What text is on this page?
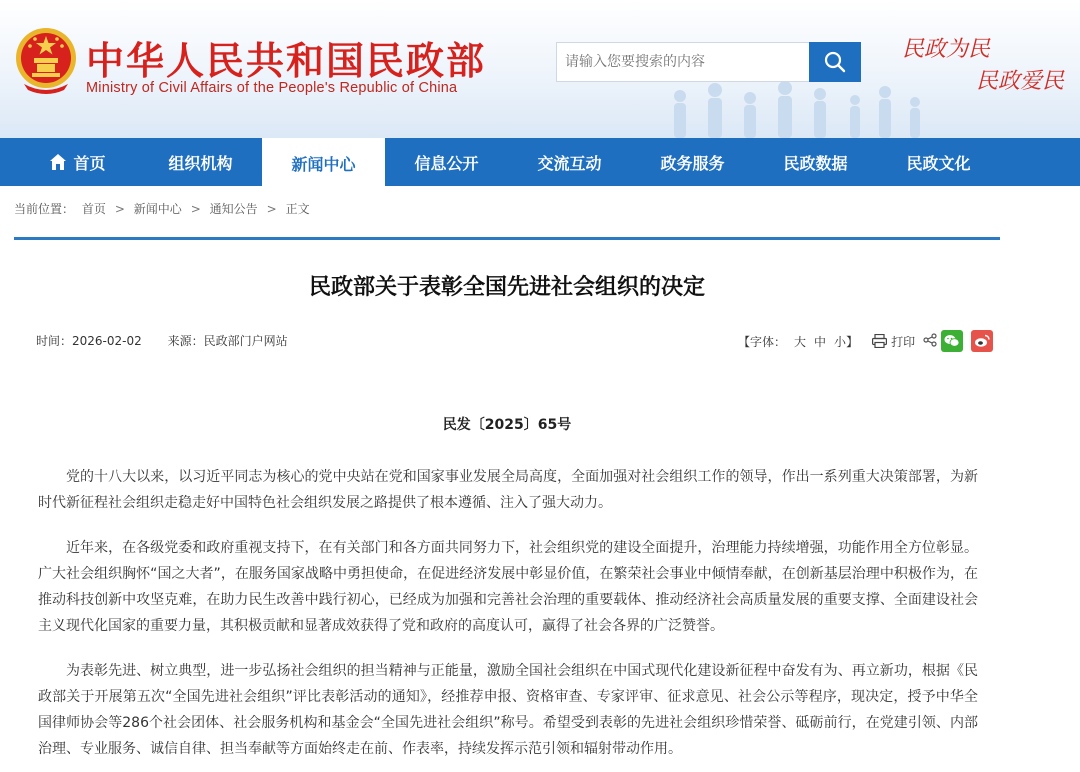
中华人民共和国民政部
Ministry of Civil Affairs of the People's Republic of China
请输入您要搜索的内容
民政为民
民政爱民
首页	组织机构	新闻中心	信息公开	交流互动	政务服务	民政数据	民政文化
当前位置： 首页 > 新闻中心 > 通知公告 > 正文
民政部关于表彰全国先进社会组织的决定
时间：2026-02-02 来源：民政部门户网站	【字体： 大 中 小 】	打印
民发〔2025〕65号

党的十八大以来，以习近平同志为核心的党中央站在党和国家事业发展全局高度，全面加强对社会组织工作的领导，作出一系列重大决策部署，为新时代新征程社会组织走稳走好中国特色社会组织发展之路提供了根本遵循、注入了强大动力。

近年来，在各级党委和政府重视支持下，在有关部门和各方面共同努力下，社会组织党的建设全面提升，治理能力持续增强，功能作用全方位彰显。广大社会组织胸怀“国之大者”，在服务国家战略中勇担使命，在促进经济发展中彰显价值，在繁荣社会事业中倾情奉献，在创新基层治理中积极作为，在推动科技创新中攻坚克难，在助力民生改善中践行初心，已经成为加强和完善社会治理的重要载体、推动经济社会高质量发展的重要支撑、全面建设社会主义现代化国家的重要力量，其积极贡献和显著成效获得了党和政府的高度认可，赢得了社会各界的广泛赞誉。

为表彰先进、树立典型，进一步弘扬社会组织的担当精神与正能量，激励全国社会组织在中国式现代化建设新征程中奋发有为、再立新功，根据《民政部关于开展第五次“全国先进社会组织”评比表彰活动的通知》，经推荐申报、资格审查、专家评审、征求意见、社会公示等程序，现决定，授予中华全国律师协会等286个社会团体、社会服务机构和基金会“全国先进社会组织”称号。希望受到表彰的先进社会组织珍惜荣誉、砥砺前行，在党建引领、内部治理、专业服务、诚信自律、担当奉献等方面始终走在前、作表率，持续发挥示范引领和辐射带动作用。
